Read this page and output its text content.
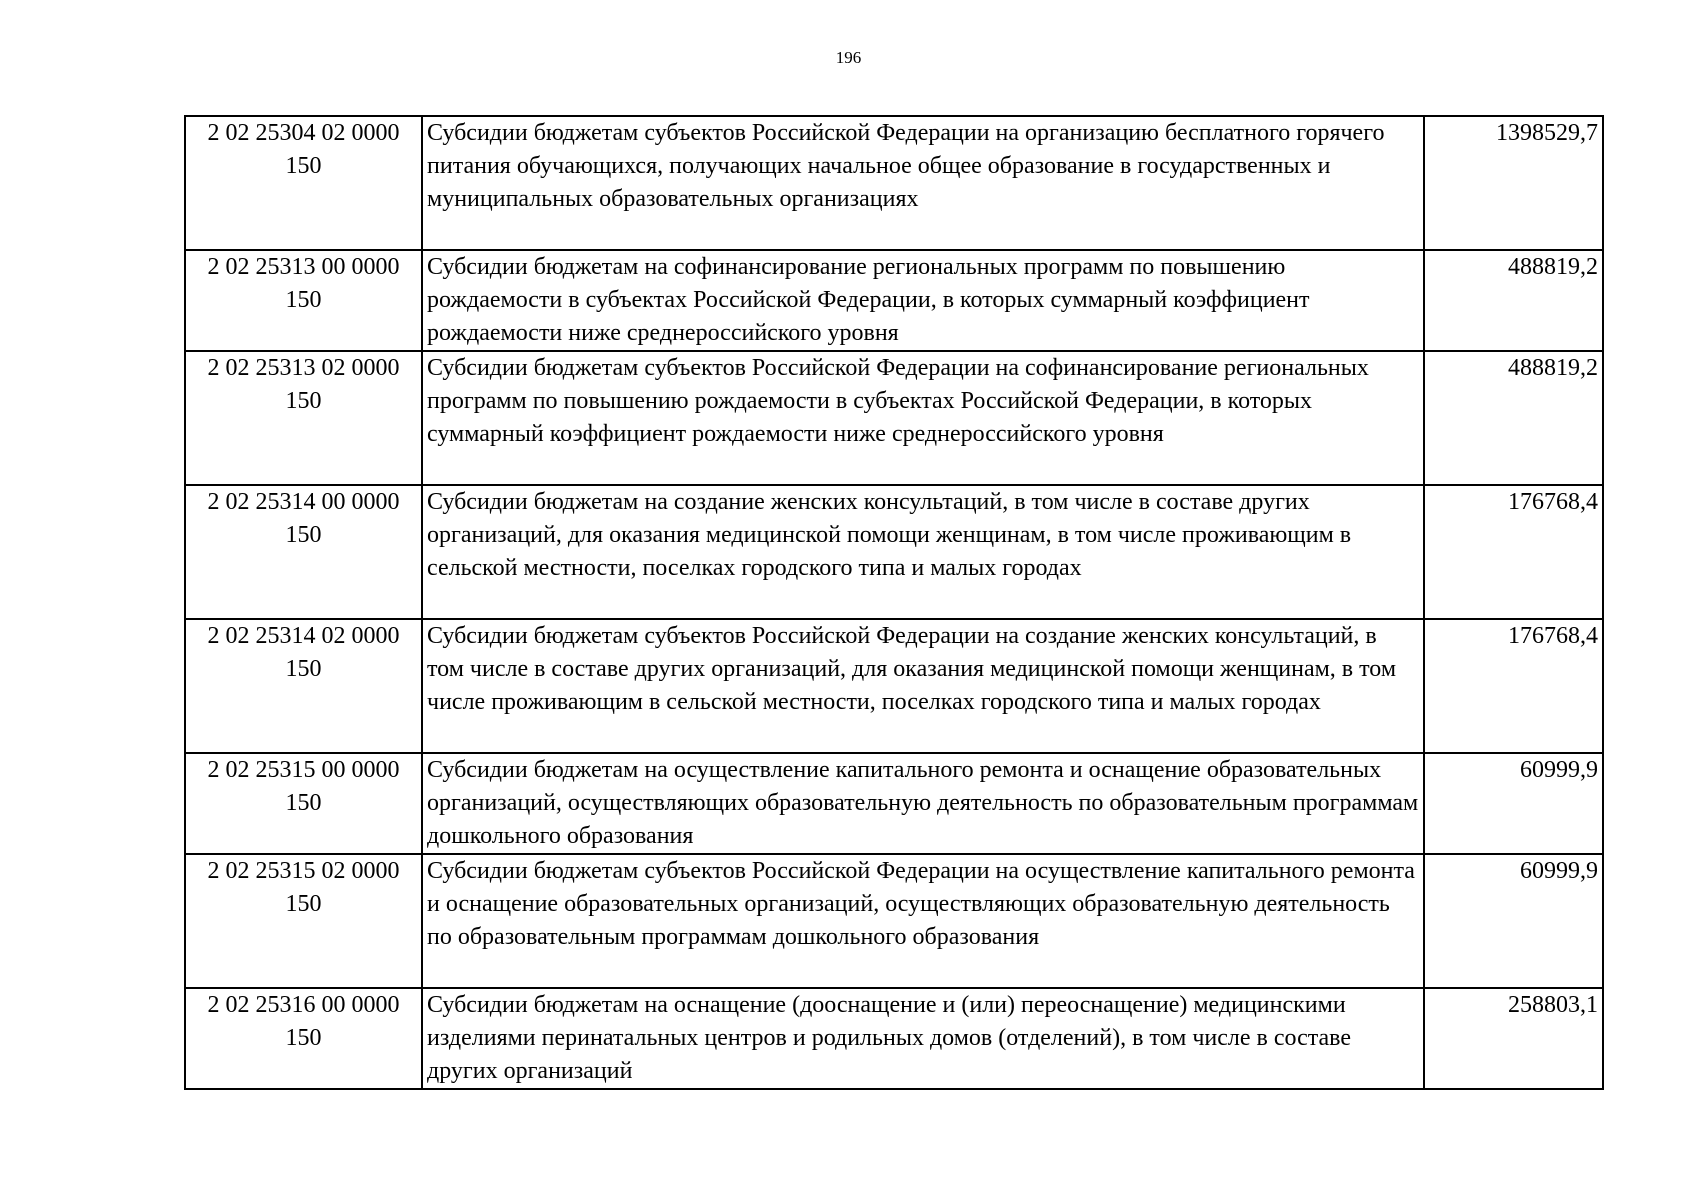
196
2 02 25304 02 0000
150	Субсидии бюджетам субъектов Российской Федерации на организацию бесплатного горячего питания обучающихся, получающих начальное общее образование в государственных и муниципальных образовательных организациях	1398529,7

2 02 25313 00 0000
150	Субсидии бюджетам на софинансирование региональных программ по повышению рождаемости в субъектах Российской Федерации, в которых суммарный коэффициент рождаемости ниже среднероссийского уровня	488819,2

2 02 25313 02 0000
150	Субсидии бюджетам субъектов Российской Федерации на софинансирование региональных программ по повышению рождаемости в субъектах Российской Федерации, в которых суммарный коэффициент рождаемости ниже среднероссийского уровня	488819,2

2 02 25314 00 0000
150	Субсидии бюджетам на создание женских консультаций, в том числе в составе других организаций, для оказания медицинской помощи женщинам, в том числе проживающим в сельской местности, поселках городского типа и малых городах	176768,4

2 02 25314 02 0000
150	Субсидии бюджетам субъектов Российской Федерации на создание женских консультаций, в том числе в составе других организаций, для оказания медицинской помощи женщинам, в том числе проживающим в сельской местности, поселках городского типа и малых городах	176768,4

2 02 25315 00 0000
150	Субсидии бюджетам на осуществление капитального ремонта и оснащение образовательных организаций, осуществляющих образовательную деятельность по образовательным программам дошкольного образования	60999,9

2 02 25315 02 0000
150	Субсидии бюджетам субъектов Российской Федерации на осуществление капитального ремонта и оснащение образовательных организаций, осуществляющих образовательную деятельность по образовательным программам дошкольного образования	60999,9

2 02 25316 00 0000
150	Субсидии бюджетам на оснащение (дооснащение и (или) переоснащение) медицинскими изделиями перинатальных центров и родильных домов (отделений), в том числе в составе других организаций	258803,1
